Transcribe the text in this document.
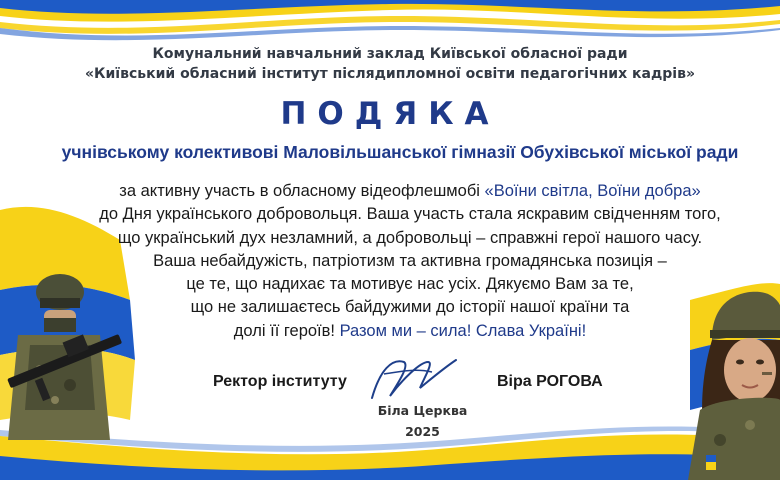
Комунальний навчальний заклад Київської обласної ради
«Київський обласний інститут післядипломної освіти педагогічних кадрів»
ПОДЯКА
учнівському колективові Маловільшанської гімназії Обухівської міської ради
за активну участь в обласному відеофлешмобі «Воїни світла, Воїни добра»
до Дня українського добровольця. Ваша участь стала яскравим свідченням того,
що український дух незламний, а добровольці – справжні герої нашого часу.
Ваша небайдужість, патріотизм та активна громадянська позиція –
це те, що надихає та мотивує нас усіх. Дякуємо Вам за те,
що не залишаєтесь байдужими до історії нашої країни та
долі її героїв! Разом ми – сила! Слава Україні!
Ректор інституту	Віра РОГОВА
Біла Церква
2025
